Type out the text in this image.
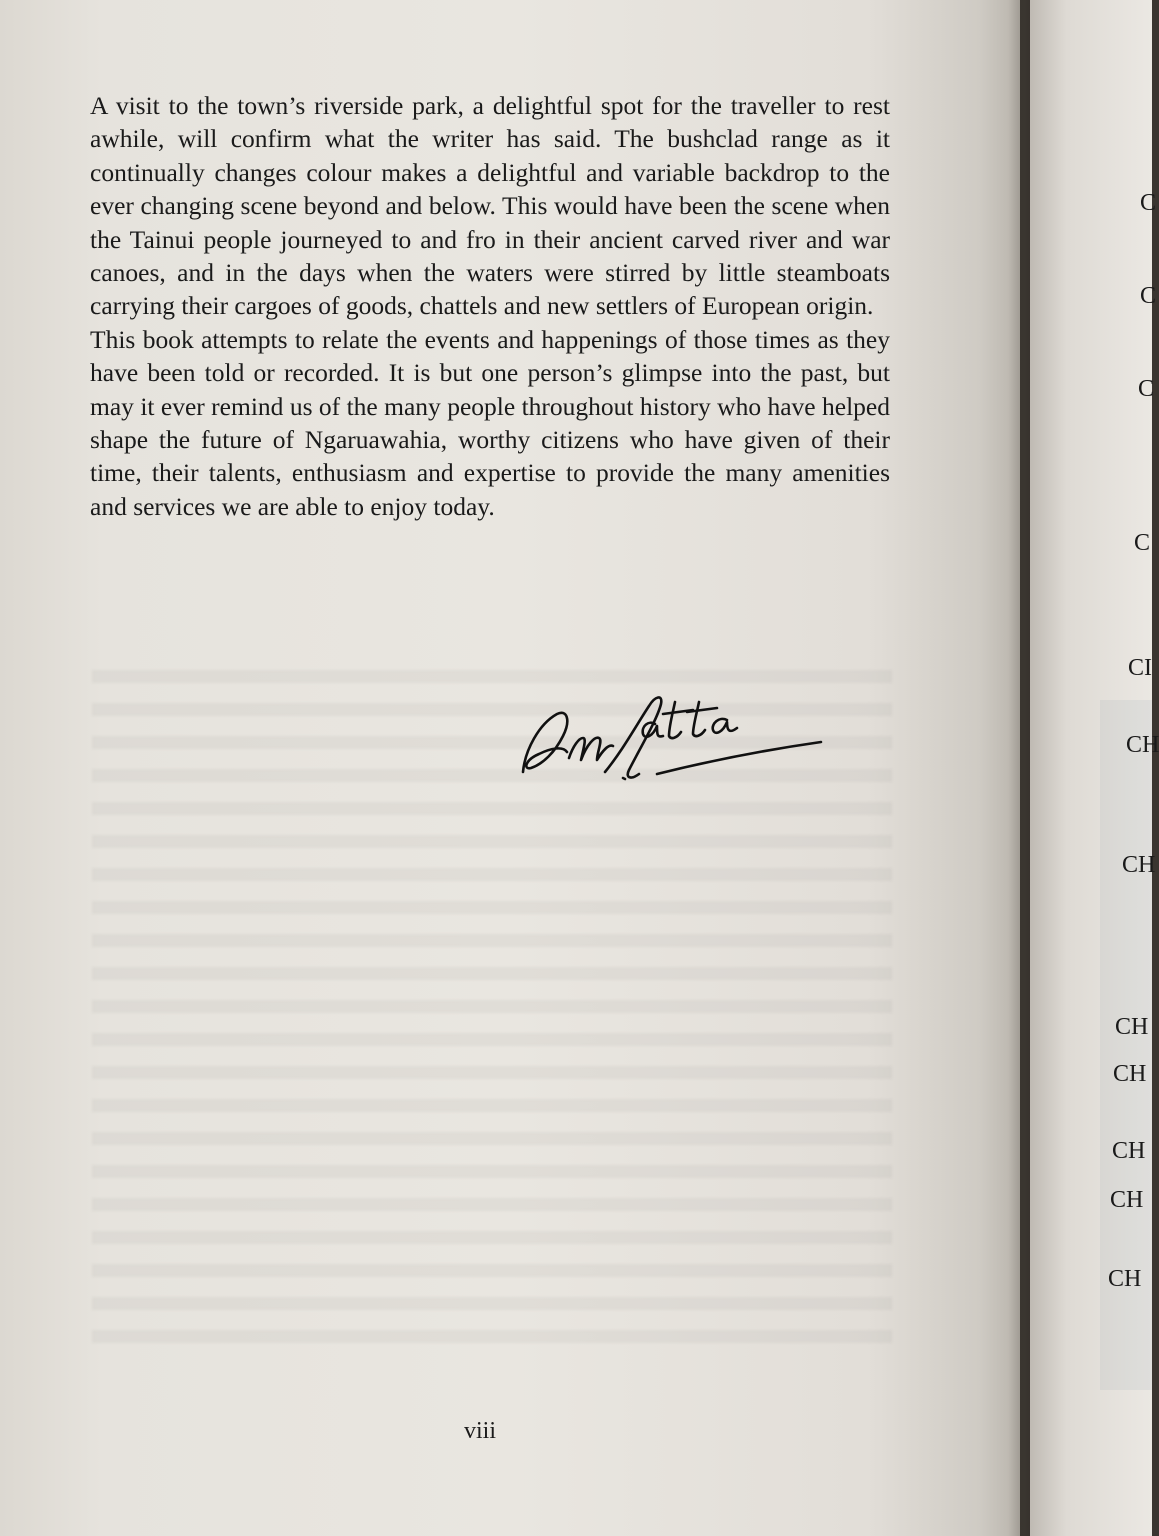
A visit to the town’s riverside park, a delightful spot for the traveller to rest awhile, will confirm what the writer has said. The bushclad range as it continually changes colour makes a delightful and variable backdrop to the ever changing scene beyond and below. This would have been the scene when the Tainui people journeyed to and fro in their ancient carved river and war canoes, and in the days when the waters were stirred by little steamboats carrying their cargoes of goods, chattels and new settlers of European origin.

This book attempts to relate the events and happenings of those times as they have been told or recorded. It is but one person’s glimpse into the past, but may it ever remind us of the many people throughout history who have helped shape the future of Ngaruawahia, worthy citizens who have given of their time, their talents, enthusiasm and expertise to provide the many amenities and services we are able to enjoy today.

viii
C
C
C
C
CI
CH
CH
CH
CH
CH
CH
CH
